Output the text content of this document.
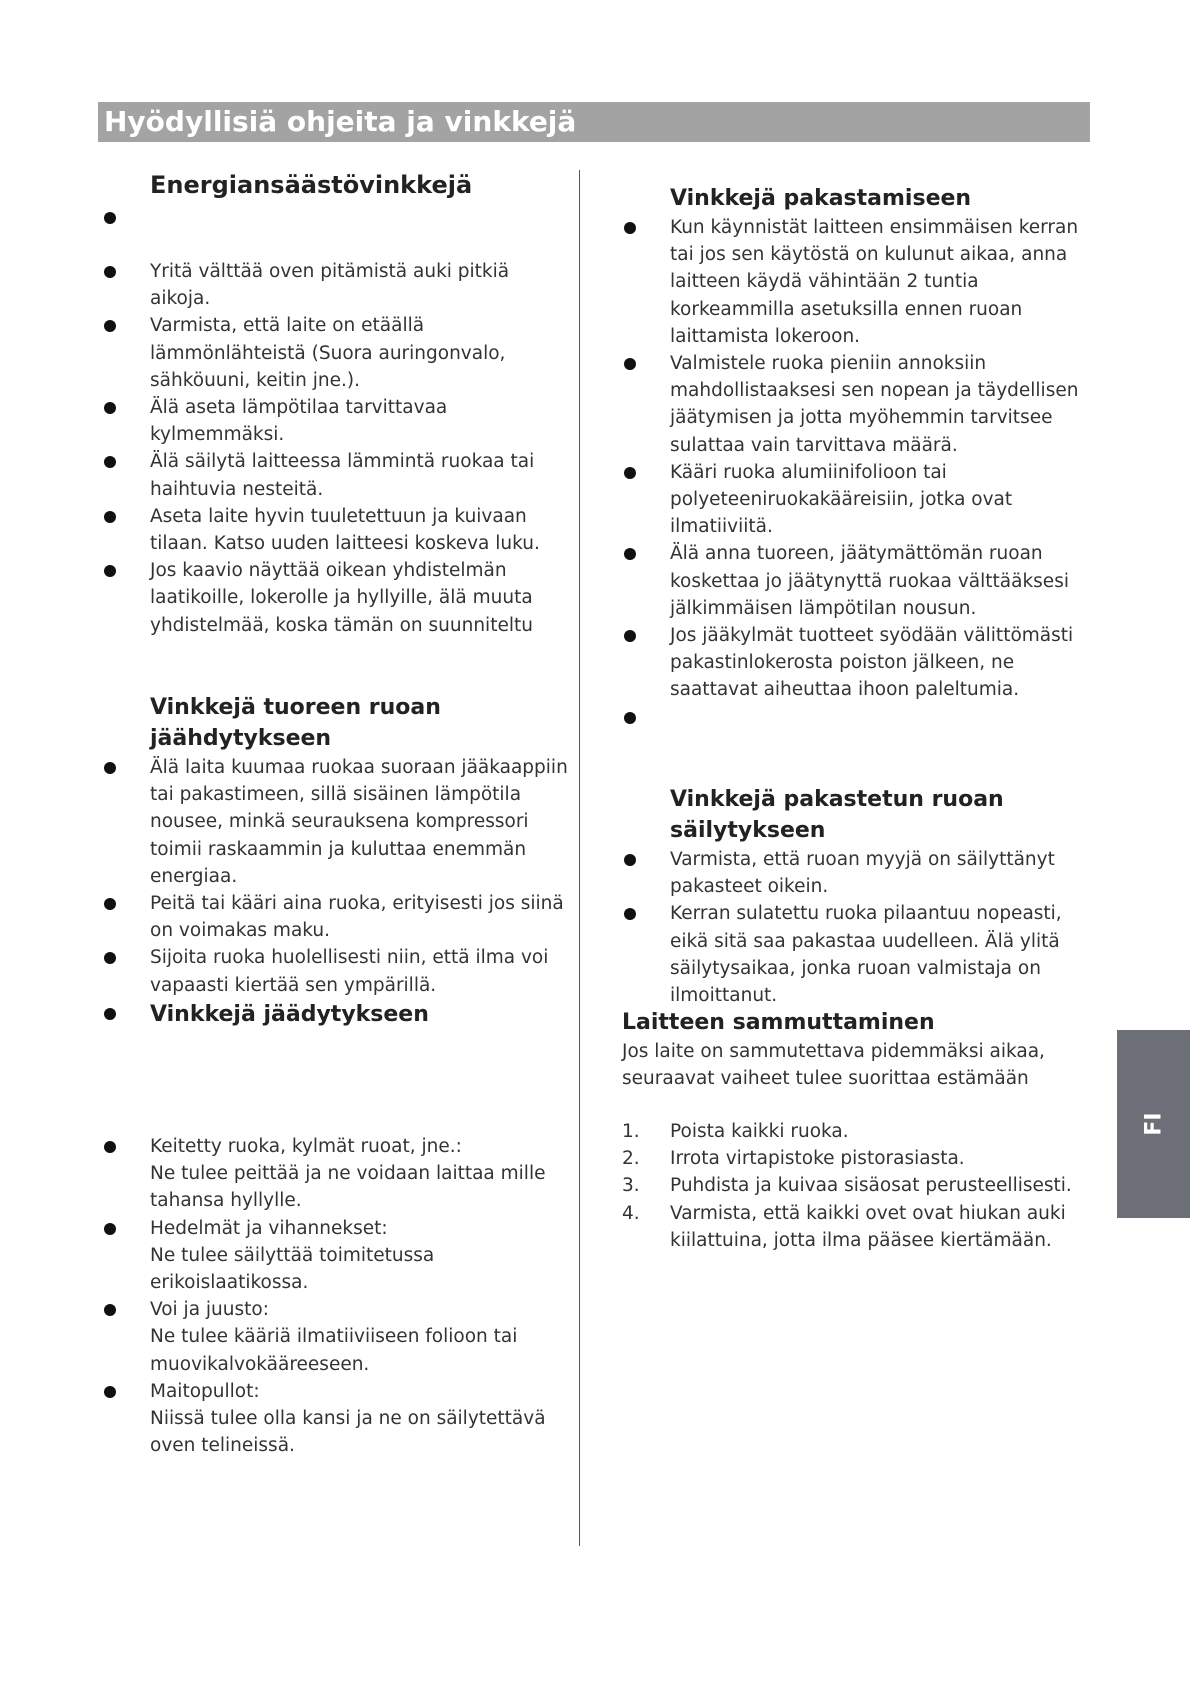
Hyödyllisiä ohjeita ja vinkkejä
Energiansäästövinkkejä
Yritä välttää oven pitämistä auki pitkiä aikoja.
Varmista, että laite on etäällä lämmönlähteistä (Suora auringonvalo, sähköuuni, keitin jne.).
Älä aseta lämpötilaa tarvittavaa kylmemmäksi.
Älä säilytä laitteessa lämmintä ruokaa tai haihtuvia nesteitä.
Aseta laite hyvin tuuletettuun ja kuivaan tilaan. Katso uuden laitteesi koskeva luku.
Jos kaavio näyttää oikean yhdistelmän laatikoille, lokerolle ja hyllyille, älä muuta yhdistelmää, koska tämän on suunniteltu
Vinkkejä tuoreen ruoan jäähdytykseen
Älä laita kuumaa ruokaa suoraan jääkaappiin tai pakastimeen, sillä sisäinen lämpötila nousee, minkä seurauksena kompressori toimii raskaammin ja kuluttaa enemmän energiaa.
Peitä tai kääri aina ruoka, erityisesti jos siinä on voimakas maku.
Sijoita ruoka huolellisesti niin, että ilma voi vapaasti kiertää sen ympärillä.
Vinkkejä jäädytykseen
Keitetty ruoka, kylmät ruoat, jne.:
Ne tulee peittää ja ne voidaan laittaa mille tahansa hyllylle.
Hedelmät ja vihannekset:
Ne tulee säilyttää toimitetussa erikoislaatikossa.
Voi ja juusto:
Ne tulee kääriä ilmatiiviiseen folioon tai muovikalvokääreeseen.
Maitopullot:
Niissä tulee olla kansi ja ne on säilytettävä oven telineissä.
Vinkkejä pakastamiseen
Kun käynnistät laitteen ensimmäisen kerran tai jos sen käytöstä on kulunut aikaa, anna laitteen käydä vähintään 2 tuntia korkeammilla asetuksilla ennen ruoan laittamista lokeroon.
Valmistele ruoka pieniin annoksiin mahdollistaaksesi sen nopean ja täydellisen jäätymisen ja jotta myöhemmin tarvitsee sulattaa vain tarvittava määrä.
Kääri ruoka alumiinifolioon tai polyeteeniruokakääreisiin, jotka ovat ilmatiiviitä.
Älä anna tuoreen, jäätymättömän ruoan koskettaa jo jäätynyttä ruokaa välttääksesi jälkimmäisen lämpötilan nousun.
Jos jääkylmät tuotteet syödään välittömästi pakastinlokerosta poiston jälkeen, ne saattavat aiheuttaa ihoon paleltumia.
Vinkkejä pakastetun ruoan säilytykseen
Varmista, että ruoan myyjä on säilyttänyt pakasteet oikein.
Kerran sulatettu ruoka pilaantuu nopeasti, eikä sitä saa pakastaa uudelleen. Älä ylitä säilytysaikaa, jonka ruoan valmistaja on ilmoittanut.
Laitteen sammuttaminen

Jos laite on sammutettava pidemmäksi aikaa, seuraavat vaiheet tulee suorittaa estämään

1. Poista kaikki ruoka.
2. Irrota virtapistoke pistorasiasta.
3. Puhdista ja kuivaa sisäosat perusteellisesti.
4. Varmista, että kaikki ovet ovat hiukan auki kiilattuina, jotta ilma pääsee kiertämään.
FI
